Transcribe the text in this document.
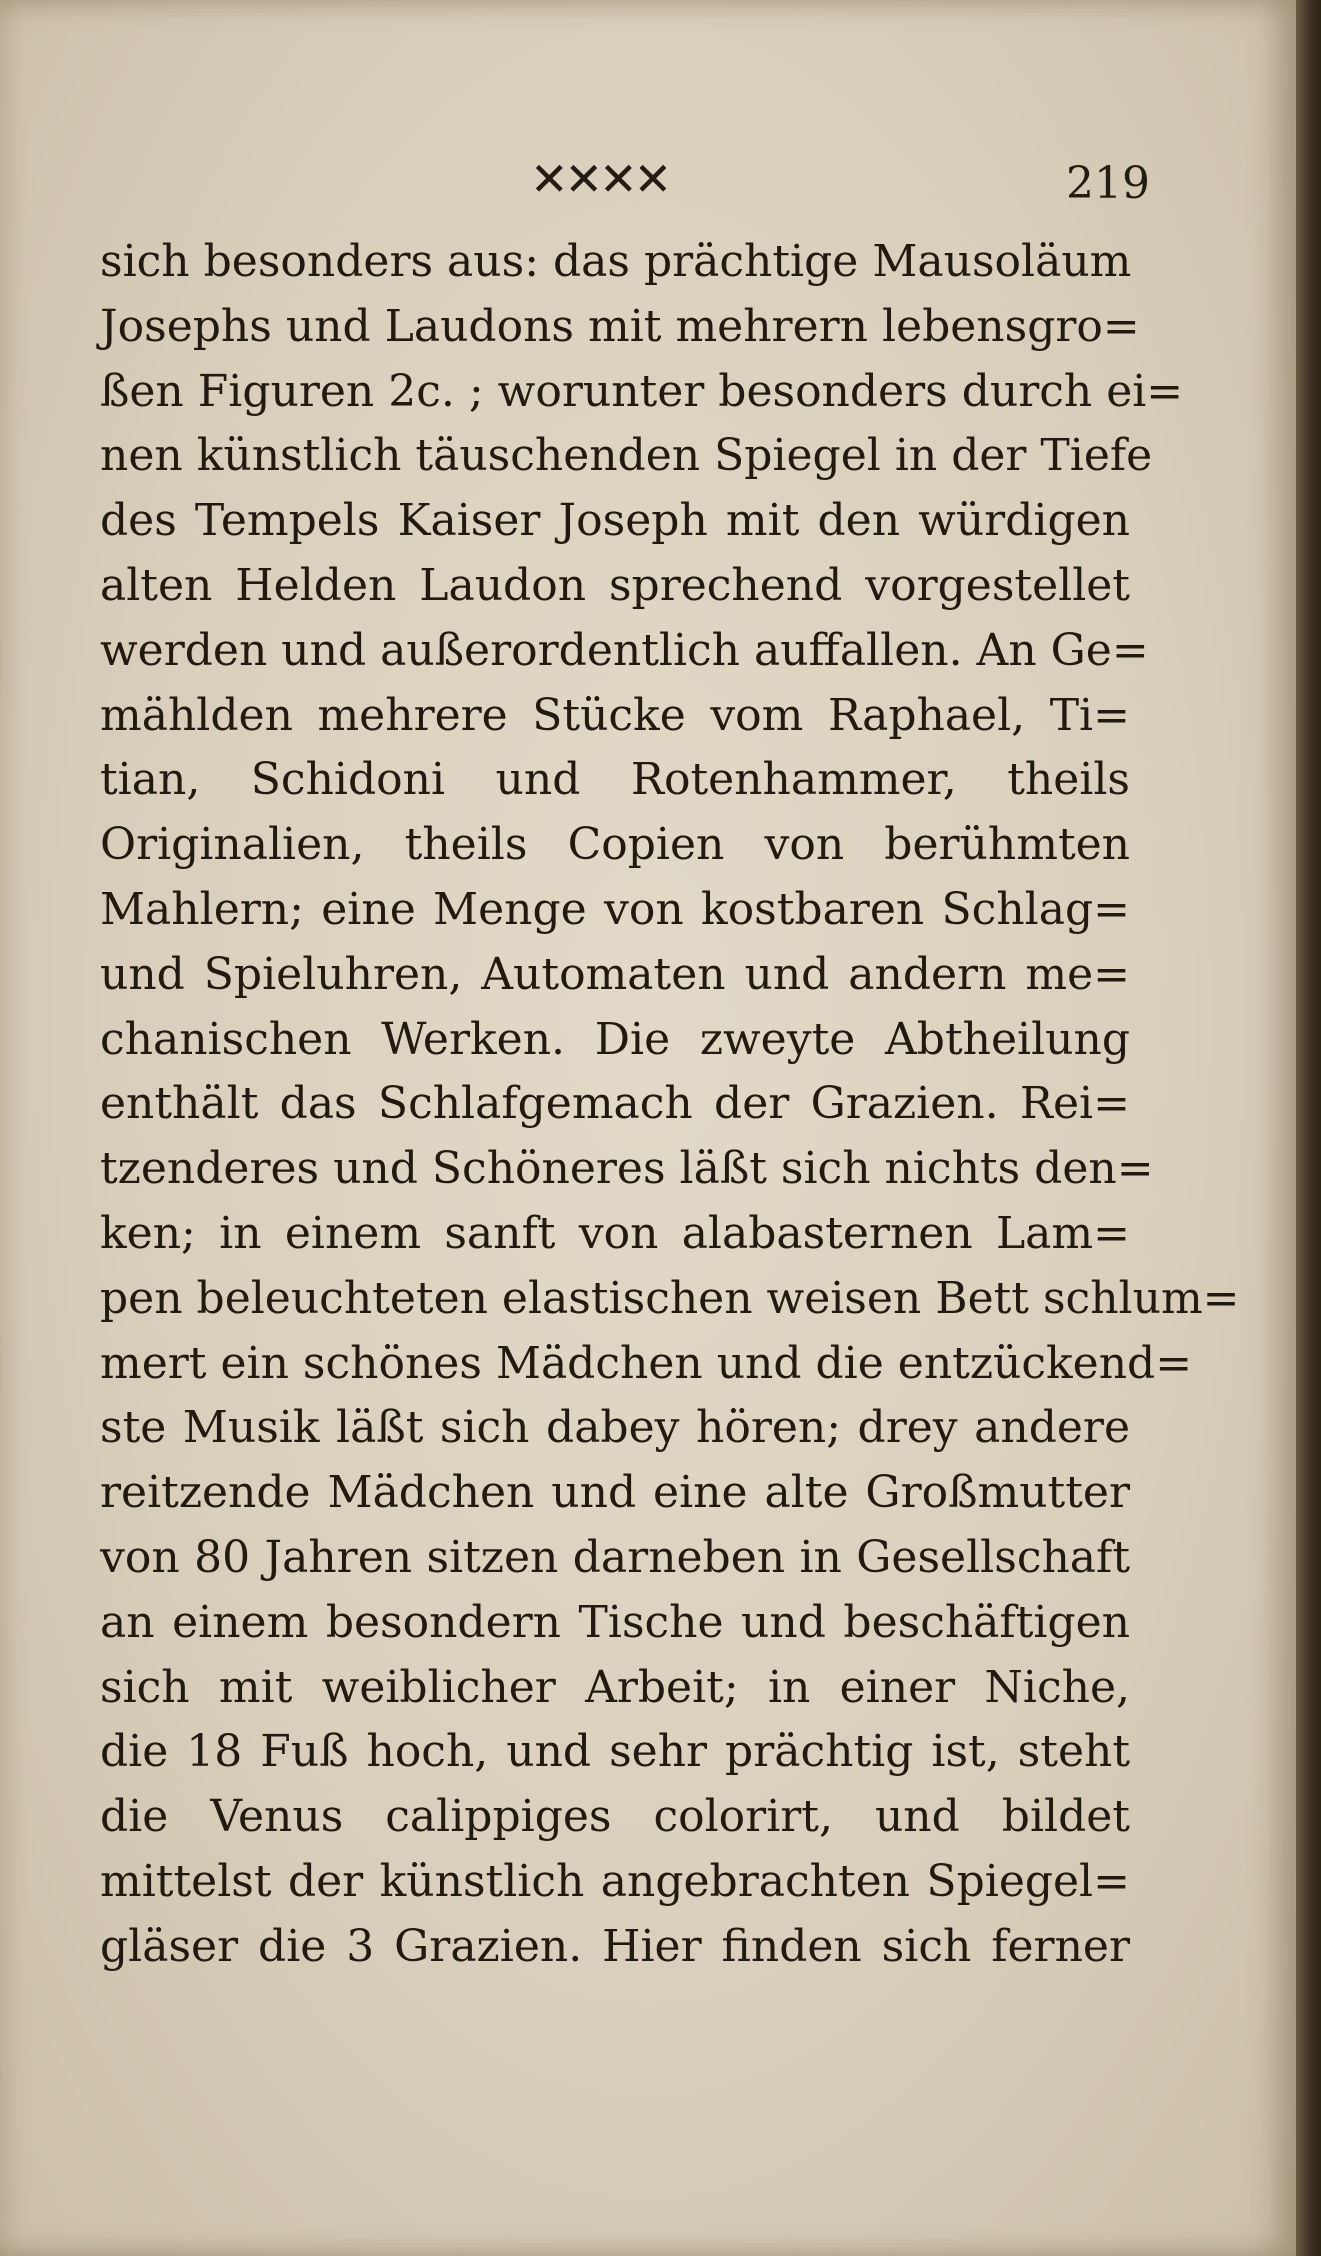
✕✕✕✕	219
sich besonders aus: das prächtige Mausoläum
Josephs und Laudons mit mehrern lebensgro=
ßen Figuren 2c. ; worunter besonders durch ei=
nen künstlich täuschenden Spiegel in der Tiefe
des Tempels Kaiser Joseph mit den würdigen
alten Helden Laudon sprechend vorgestellet
werden und außerordentlich auffallen. An Ge=
mählden mehrere Stücke vom Raphael, Ti=
tian, Schidoni und Rotenhammer, theils
Originalien, theils Copien von berühmten
Mahlern; eine Menge von kostbaren Schlag=
und Spieluhren, Automaten und andern me=
chanischen Werken. Die zweyte Abtheilung
enthält das Schlafgemach der Grazien. Rei=
tzenderes und Schöneres läßt sich nichts den=
ken; in einem sanft von alabasternen Lam=
pen beleuchteten elastischen weisen Bett schlum=
mert ein schönes Mädchen und die entzückend=
ste Musik läßt sich dabey hören; drey andere
reitzende Mädchen und eine alte Großmutter
von 80 Jahren sitzen darneben in Gesellschaft
an einem besondern Tische und beschäftigen
sich mit weiblicher Arbeit; in einer Niche,
die 18 Fuß hoch, und sehr prächtig ist, steht
die Venus calippiges colorirt, und bildet
mittelst der künstlich angebrachten Spiegel=
gläser die 3 Grazien. Hier finden sich ferner
